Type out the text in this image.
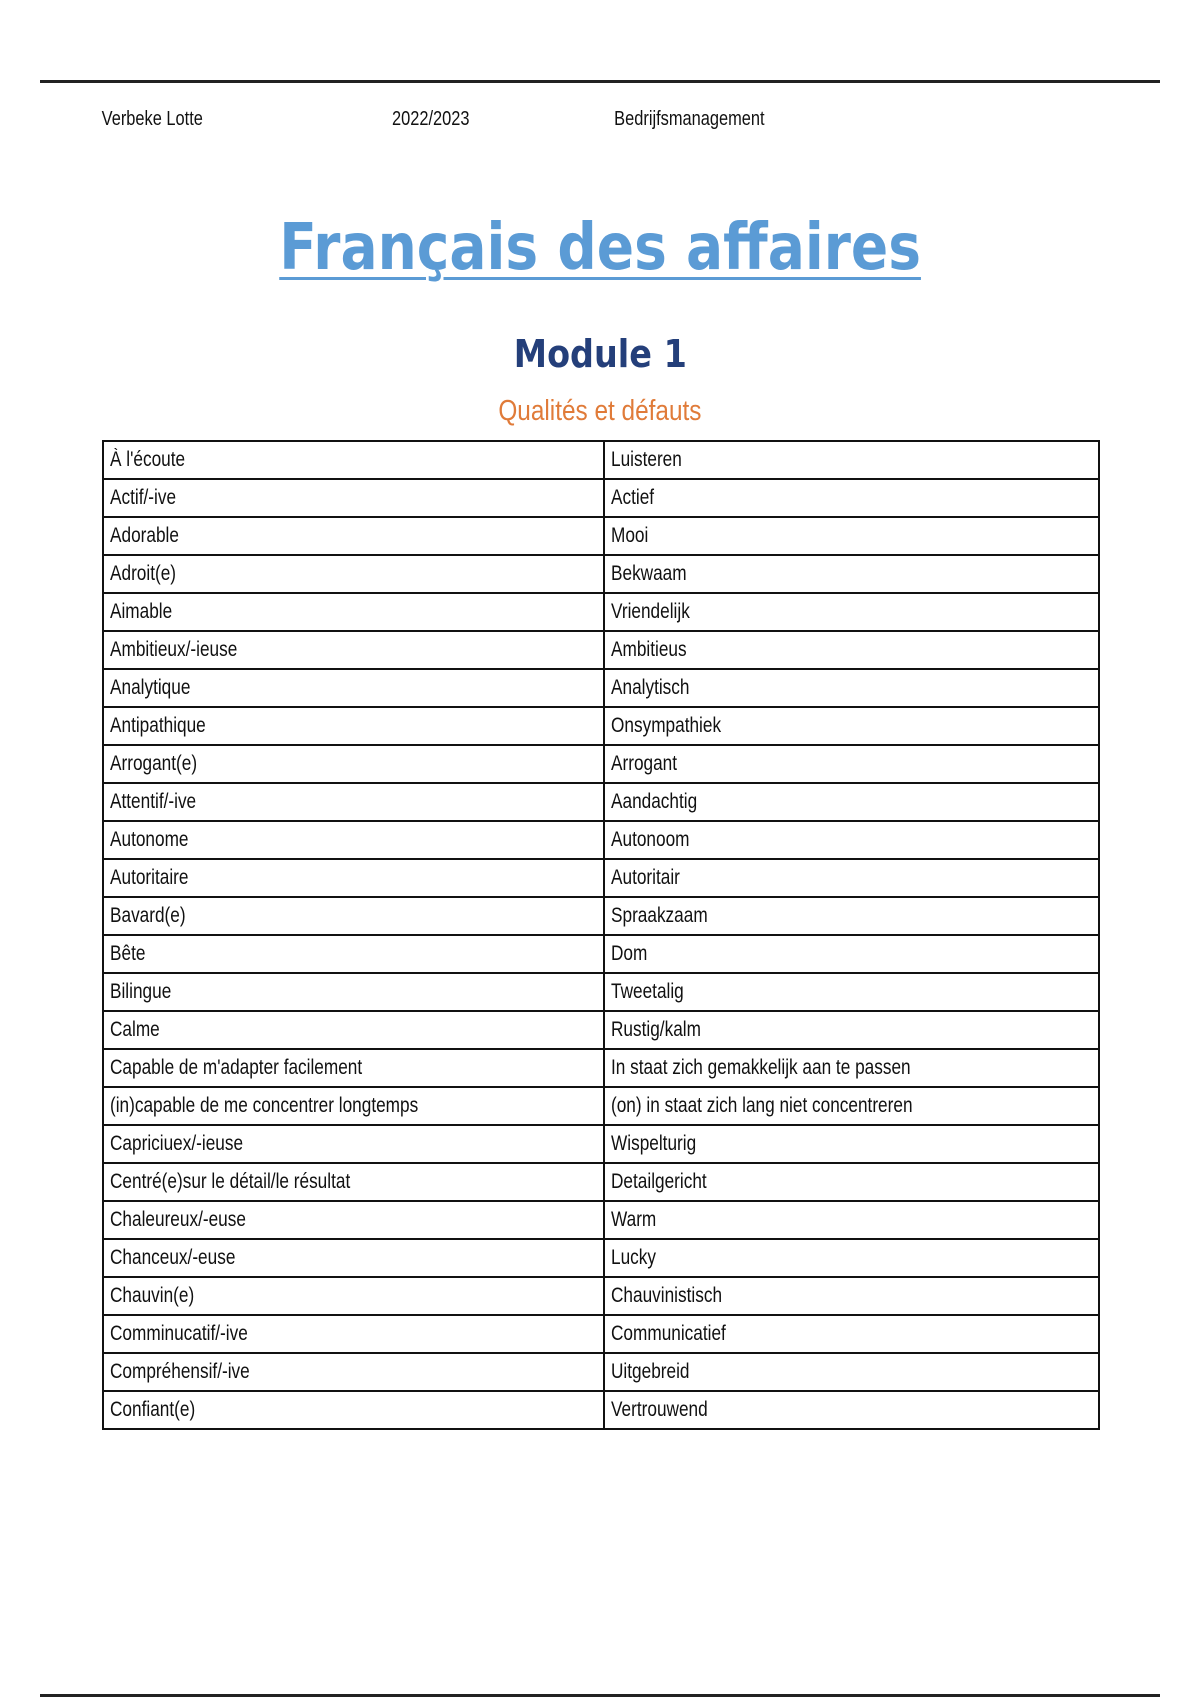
Verbeke Lotte	2022/2023	Bedrijfsmanagement
Français des affaires
Module 1
Qualités et défauts
À l'écoute	Luisteren
Actif/-ive	Actief
Adorable	Mooi
Adroit(e)	Bekwaam
Aimable	Vriendelijk
Ambitieux/-ieuse	Ambitieus
Analytique	Analytisch
Antipathique	Onsympathiek
Arrogant(e)	Arrogant
Attentif/-ive	Aandachtig
Autonome	Autonoom
Autoritaire	Autoritair
Bavard(e)	Spraakzaam
Bête	Dom
Bilingue	Tweetalig
Calme	Rustig/kalm
Capable de m'adapter facilement	In staat zich gemakkelijk aan te passen
(in)capable de me concentrer longtemps	(on) in staat zich lang niet concentreren
Capriciuex/-ieuse	Wispelturig
Centré(e)sur le détail/le résultat	Detailgericht
Chaleureux/-euse	Warm
Chanceux/-euse	Lucky
Chauvin(e)	Chauvinistisch
Comminucatif/-ive	Communicatief
Compréhensif/-ive	Uitgebreid
Confiant(e)	Vertrouwend
